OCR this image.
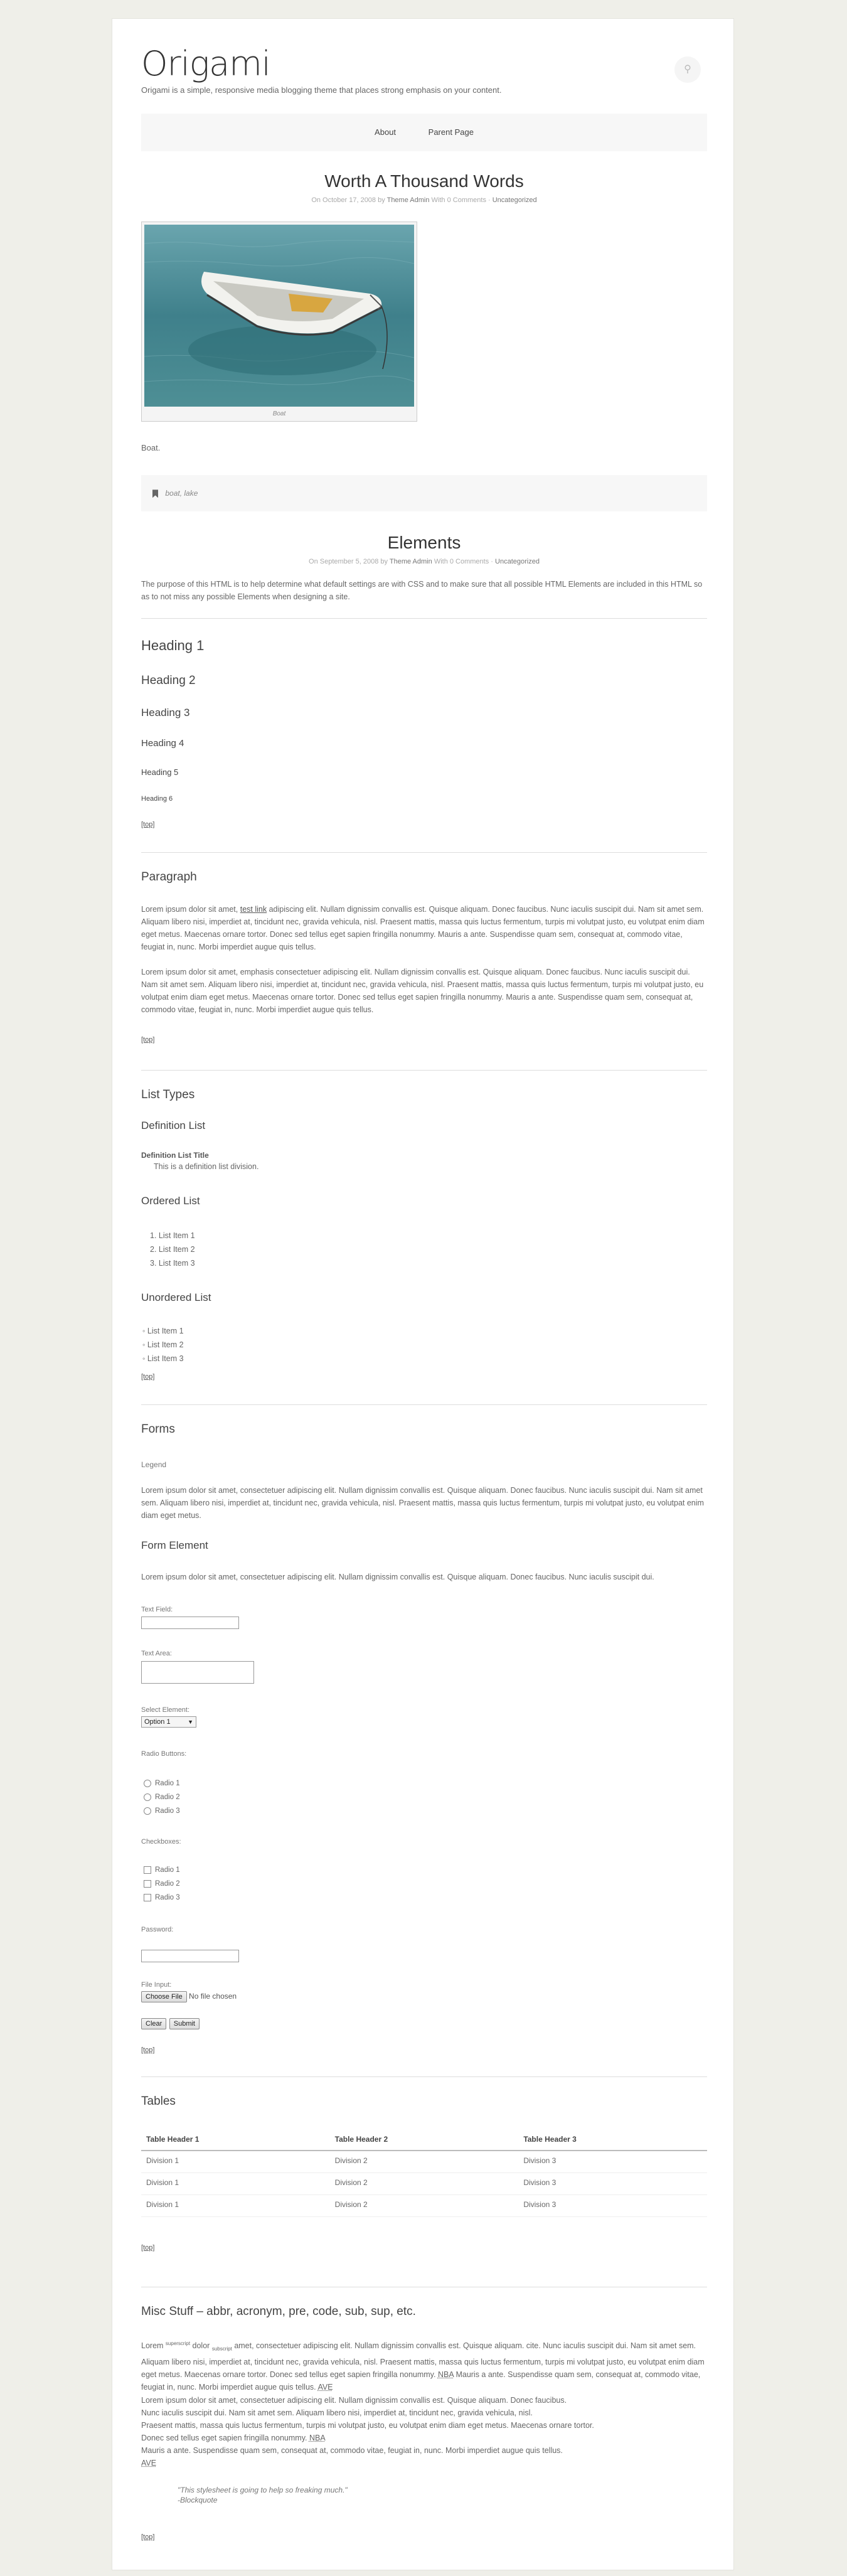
Origami
Origami is a simple, responsive media blogging theme that places strong emphasis on your content.
⚲
About	Parent Page
Worth A Thousand Words
On October 17, 2008 by Theme Admin With 0 Comments · Uncategorized
Boat

Boat.

boat, lake
Elements
On September 5, 2008 by Theme Admin With 0 Comments · Uncategorized

The purpose of this HTML is to help determine what default settings are with CSS and to make sure that all possible HTML Elements are included in this HTML so as to not miss any possible Elements when designing a site.

Heading 1
Heading 2
Heading 3
Heading 4
Heading 5
Heading 6
[top]
Paragraph

Lorem ipsum dolor sit amet, test link adipiscing elit. Nullam dignissim convallis est. Quisque aliquam. Donec faucibus. Nunc iaculis suscipit dui. Nam sit amet sem. Aliquam libero nisi, imperdiet at, tincidunt nec, gravida vehicula, nisl. Praesent mattis, massa quis luctus fermentum, turpis mi volutpat justo, eu volutpat enim diam eget metus. Maecenas ornare tortor. Donec sed tellus eget sapien fringilla nonummy. Mauris a ante. Suspendisse quam sem, consequat at, commodo vitae, feugiat in, nunc. Morbi imperdiet augue quis tellus.

Lorem ipsum dolor sit amet, emphasis consectetuer adipiscing elit. Nullam dignissim convallis est. Quisque aliquam. Donec faucibus. Nunc iaculis suscipit dui. Nam sit amet sem. Aliquam libero nisi, imperdiet at, tincidunt nec, gravida vehicula, nisl. Praesent mattis, massa quis luctus fermentum, turpis mi volutpat justo, eu volutpat enim diam eget metus. Maecenas ornare tortor. Donec sed tellus eget sapien fringilla nonummy. Mauris a ante. Suspendisse quam sem, consequat at, commodo vitae, feugiat in, nunc. Morbi imperdiet augue quis tellus.

[top]
List Types
Definition List
Definition List Title
This is a definition list division.
Ordered List
1. List Item 1
2. List Item 2
3. List Item 3
Unordered List
◦ List Item 1
◦ List Item 2
◦ List Item 3
[top]
Forms
Legend

Lorem ipsum dolor sit amet, consectetuer adipiscing elit. Nullam dignissim convallis est. Quisque aliquam. Donec faucibus. Nunc iaculis suscipit dui. Nam sit amet sem. Aliquam libero nisi, imperdiet at, tincidunt nec, gravida vehicula, nisl. Praesent mattis, massa quis luctus fermentum, turpis mi volutpat justo, eu volutpat enim diam eget metus.

Form Element

Lorem ipsum dolor sit amet, consectetuer adipiscing elit. Nullam dignissim convallis est. Quisque aliquam. Donec faucibus. Nunc iaculis suscipit dui.

Text Field:
Text Area:
Select Element:
Option 1	▼
Radio Buttons:
Radio 1
Radio 2
Radio 3
Checkboxes:
Radio 1
Radio 2
Radio 3
Password:
File Input:
Choose File No file chosen
Clear Submit
[top]
Tables
Table Header 1	Table Header 2	Table Header 3
Division 1	Division 2	Division 3
Division 1	Division 2	Division 3
Division 1	Division 2	Division 3
[top]
Misc Stuff – abbr, acronym, pre, code, sub, sup, etc.

Lorem $^{superscript}$ dolor $_{subscript}$ amet, consectetuer adipiscing elit. Nullam dignissim convallis est. Quisque aliquam. cite. Nunc iaculis suscipit dui. Nam sit amet sem. Aliquam libero nisi, imperdiet at, tincidunt nec, gravida vehicula, nisl. Praesent mattis, massa quis luctus fermentum, turpis mi volutpat justo, eu volutpat enim diam eget metus. Maecenas ornare tortor. Donec sed tellus eget sapien fringilla nonummy. NBA Mauris a ante. Suspendisse quam sem, consequat at, commodo vitae, feugiat in, nunc. Morbi imperdiet augue quis tellus. AVE

Lorem ipsum dolor sit amet, consectetuer adipiscing elit. Nullam dignissim convallis est. Quisque aliquam. Donec faucibus.
Nunc iaculis suscipit dui. Nam sit amet sem. Aliquam libero nisi, imperdiet at, tincidunt nec, gravida vehicula, nisl.
Praesent mattis, massa quis luctus fermentum, turpis mi volutpat justo, eu volutpat enim diam eget metus. Maecenas ornare tortor.
Donec sed tellus eget sapien fringilla nonummy. NBA
Mauris a ante. Suspendisse quam sem, consequat at, commodo vitae, feugiat in, nunc. Morbi imperdiet augue quis tellus.
AVE
"This stylesheet is going to help so freaking much."
-Blockquote
[top]
